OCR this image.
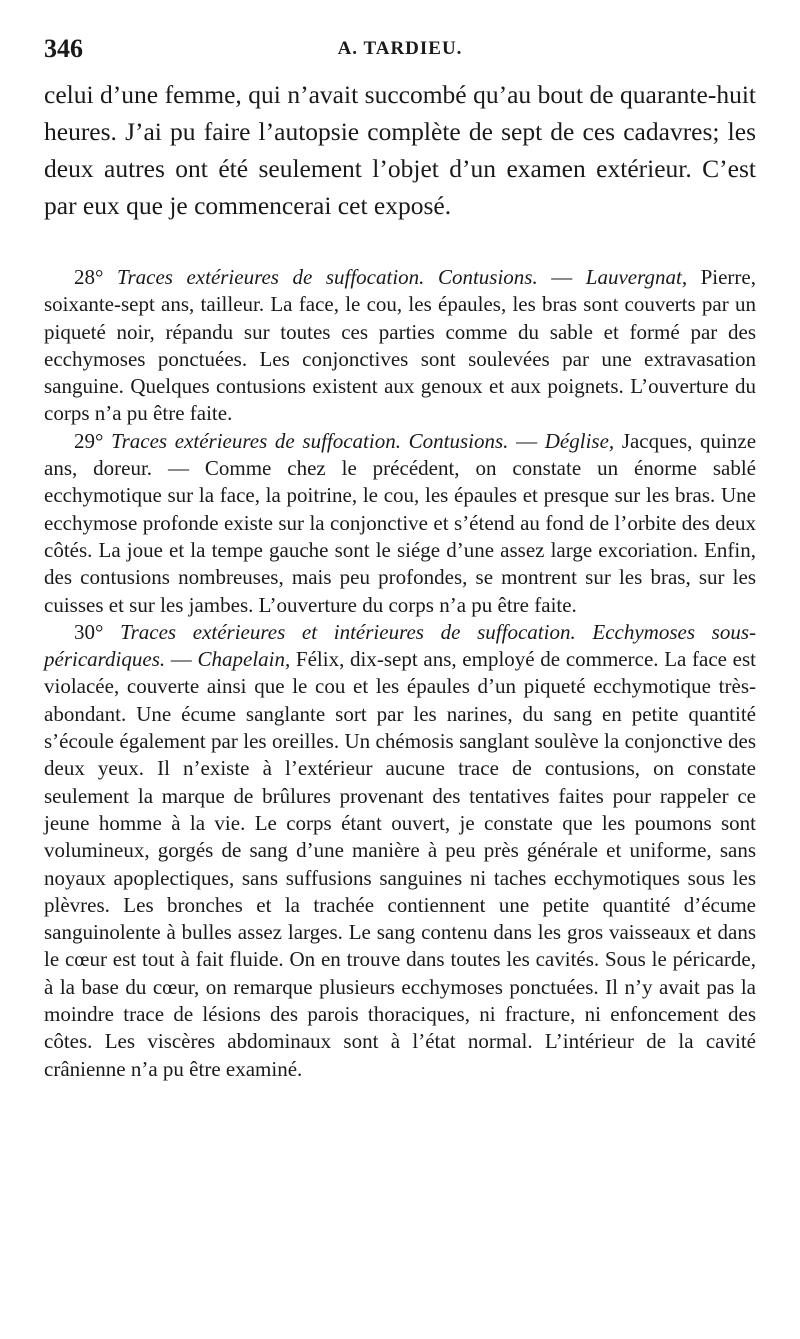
346	A. TARDIEU.

celui d’une femme, qui n’avait succombé qu’au bout de quarante-huit heures. J’ai pu faire l’autopsie complète de sept de ces cadavres; les deux autres ont été seulement l’objet d’un examen extérieur. C’est par eux que je commencerai cet exposé.

28° Traces extérieures de suffocation. Contusions. — Lauvergnat, Pierre, soixante-sept ans, tailleur. La face, le cou, les épaules, les bras sont couverts par un piqueté noir, répandu sur toutes ces parties comme du sable et formé par des ecchymoses ponctuées. Les conjonctives sont soulevées par une extravasation sanguine. Quelques contusions existent aux genoux et aux poignets. L’ouverture du corps n’a pu être faite.

29° Traces extérieures de suffocation. Contusions. — Déglise, Jacques, quinze ans, doreur. — Comme chez le précédent, on constate un énorme sablé ecchymotique sur la face, la poitrine, le cou, les épaules et presque sur les bras. Une ecchymose profonde existe sur la conjonctive et s’étend au fond de l’orbite des deux côtés. La joue et la tempe gauche sont le siége d’une assez large excoriation. Enfin, des contusions nombreuses, mais peu profondes, se montrent sur les bras, sur les cuisses et sur les jambes. L’ouverture du corps n’a pu être faite.

30° Traces extérieures et intérieures de suffocation. Ecchymoses sous-péricardiques. — Chapelain, Félix, dix-sept ans, employé de commerce. La face est violacée, couverte ainsi que le cou et les épaules d’un piqueté ecchymotique très-abondant. Une écume sanglante sort par les narines, du sang en petite quantité s’écoule également par les oreilles. Un chémosis sanglant soulève la conjonctive des deux yeux. Il n’existe à l’extérieur aucune trace de contusions, on constate seulement la marque de brûlures provenant des tentatives faites pour rappeler ce jeune homme à la vie. Le corps étant ouvert, je constate que les poumons sont volumineux, gorgés de sang d’une manière à peu près générale et uniforme, sans noyaux apoplectiques, sans suffusions sanguines ni taches ecchymotiques sous les plèvres. Les bronches et la trachée contiennent une petite quantité d’écume sanguinolente à bulles assez larges. Le sang contenu dans les gros vaisseaux et dans le cœur est tout à fait fluide. On en trouve dans toutes les cavités. Sous le péricarde, à la base du cœur, on remarque plusieurs ecchymoses ponctuées. Il n’y avait pas la moindre trace de lésions des parois thoraciques, ni fracture, ni enfoncement des côtes. Les viscères abdominaux sont à l’état normal. L’intérieur de la cavité crânienne n’a pu être examiné.
